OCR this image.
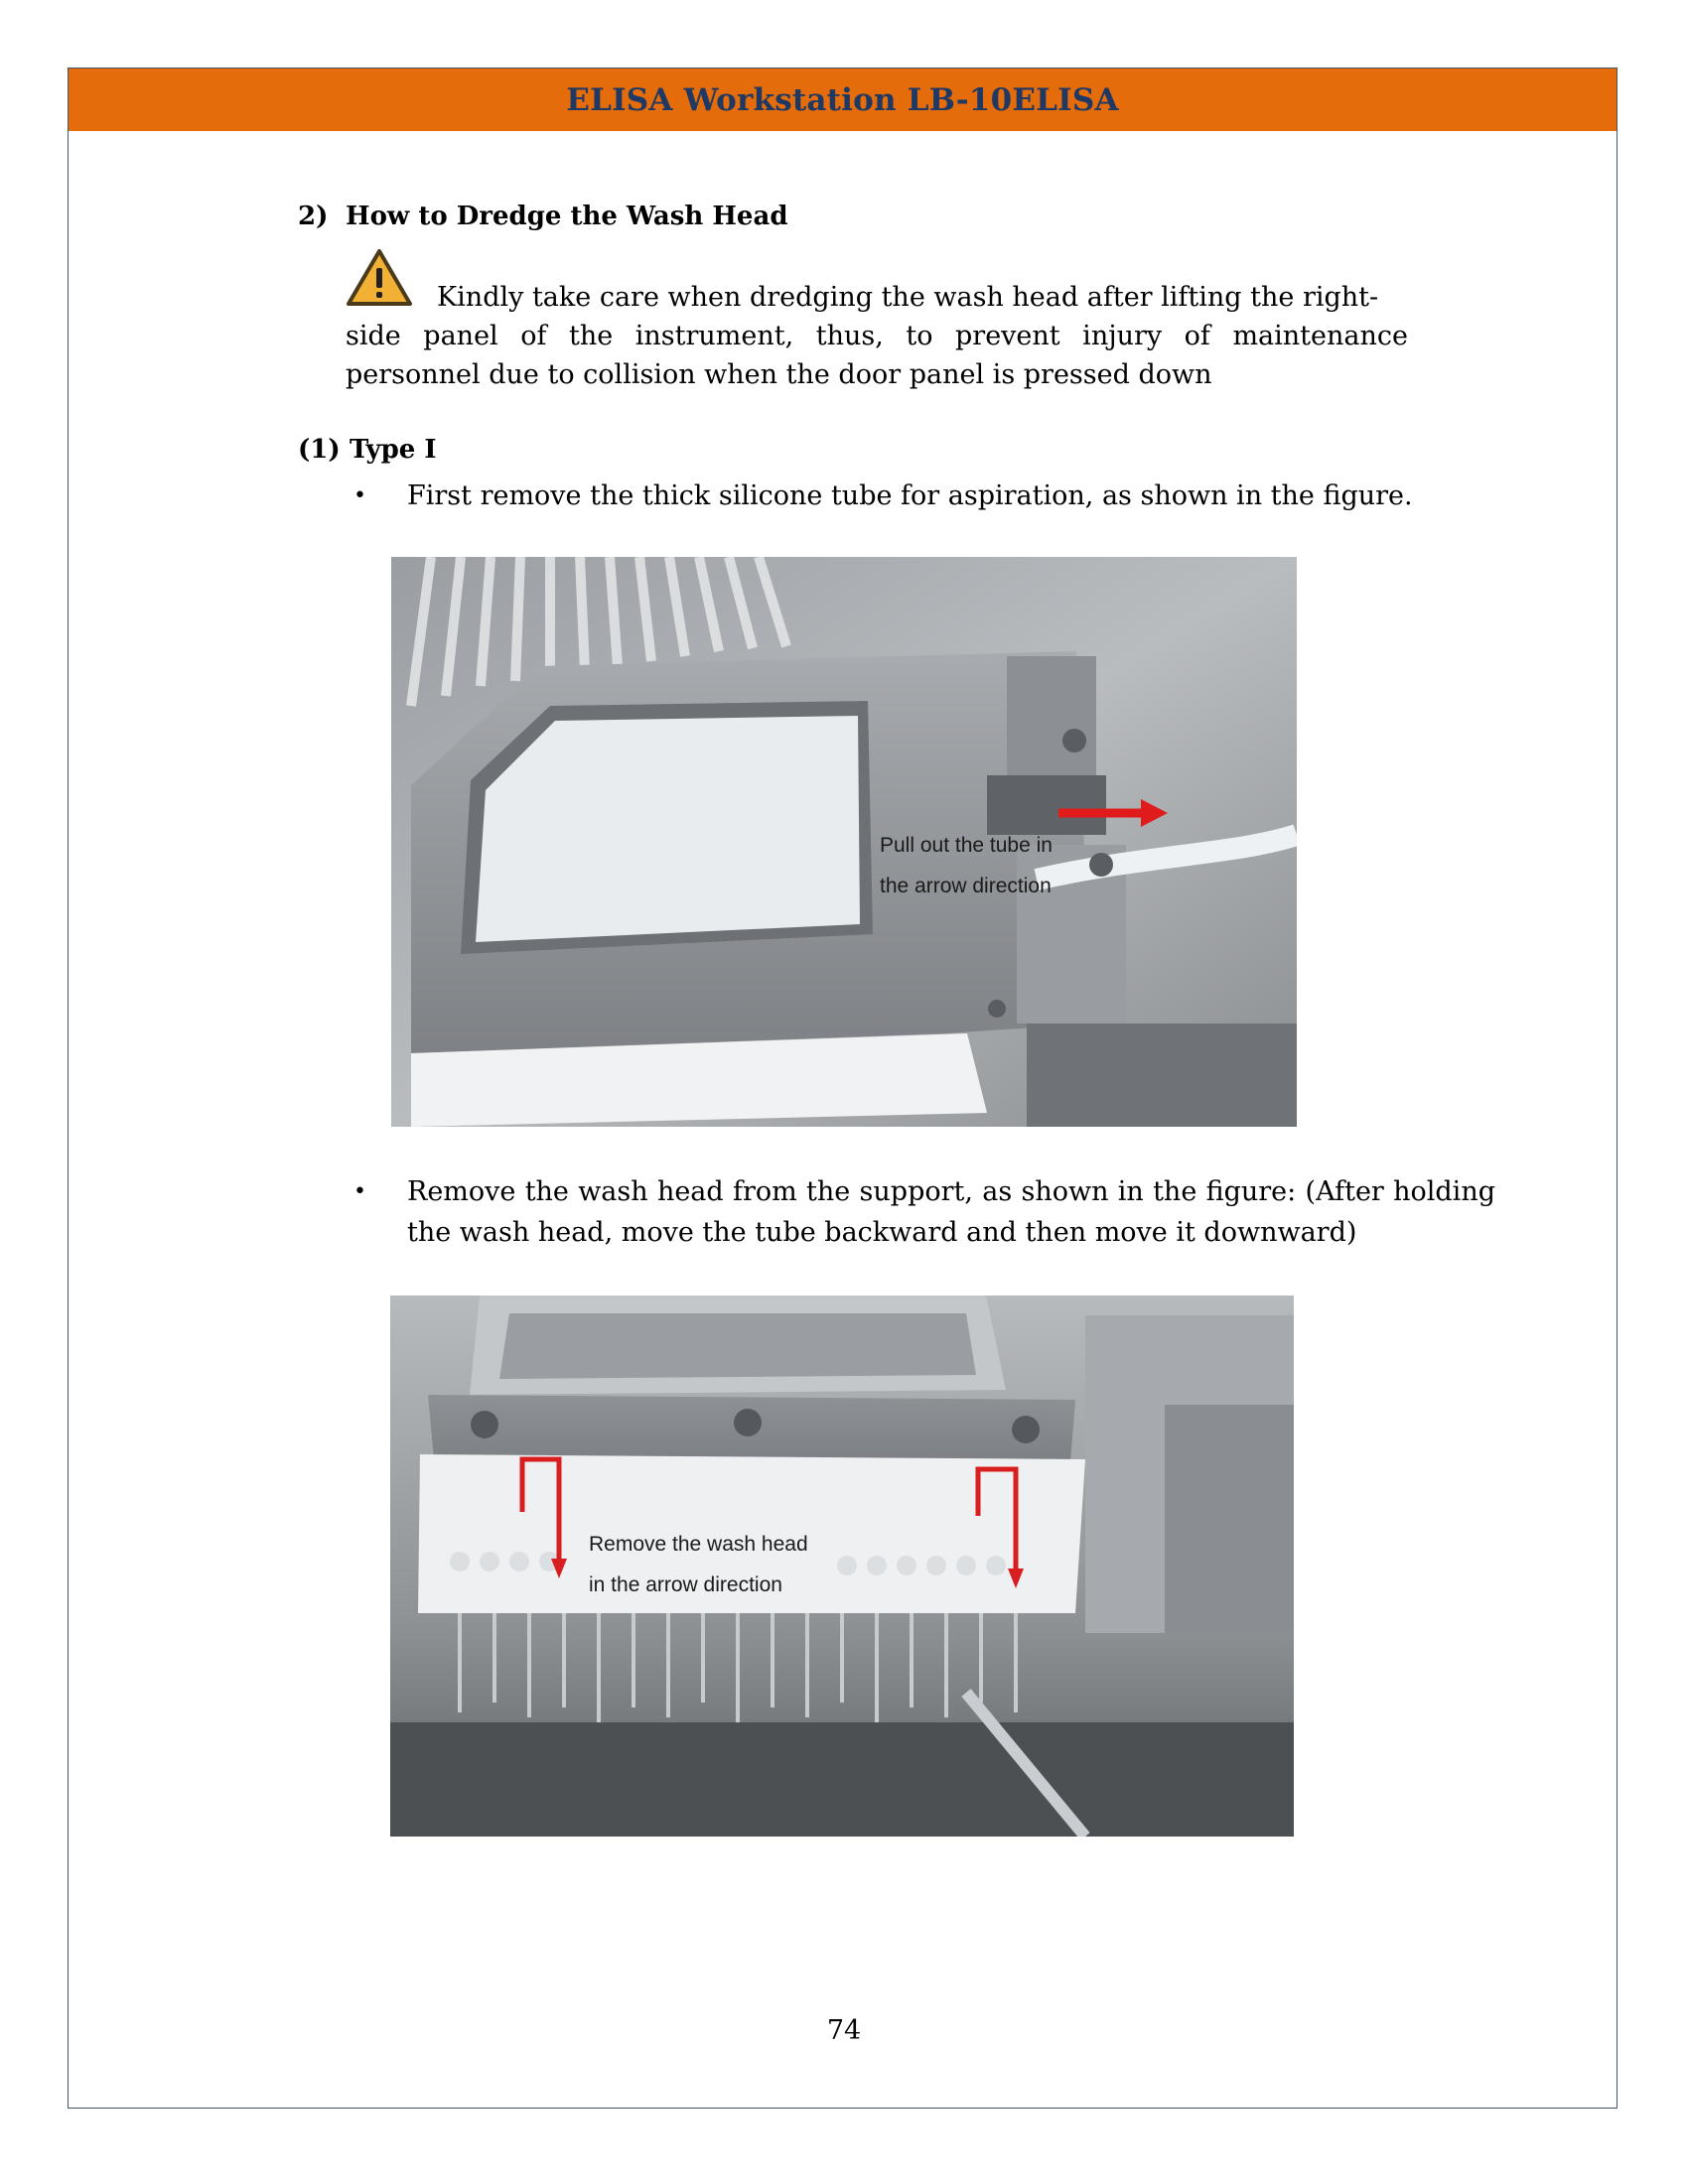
ELISA Workstation LB-10ELISA
2) How to Dredge the Wash Head
Kindly take care when dredging the wash head after lifting the right-
side panel of the instrument, thus, to prevent injury of maintenance personnel due to collision when the door panel is pressed down
(1) Type I
• First remove the thick silicone tube for aspiration, as shown in the figure.
Pull out the tube in
the arrow direction
• Remove the wash head from the support, as shown in the figure: (After holding the wash head, move the tube backward and then move it downward)
Remove the wash head
in the arrow direction
74
